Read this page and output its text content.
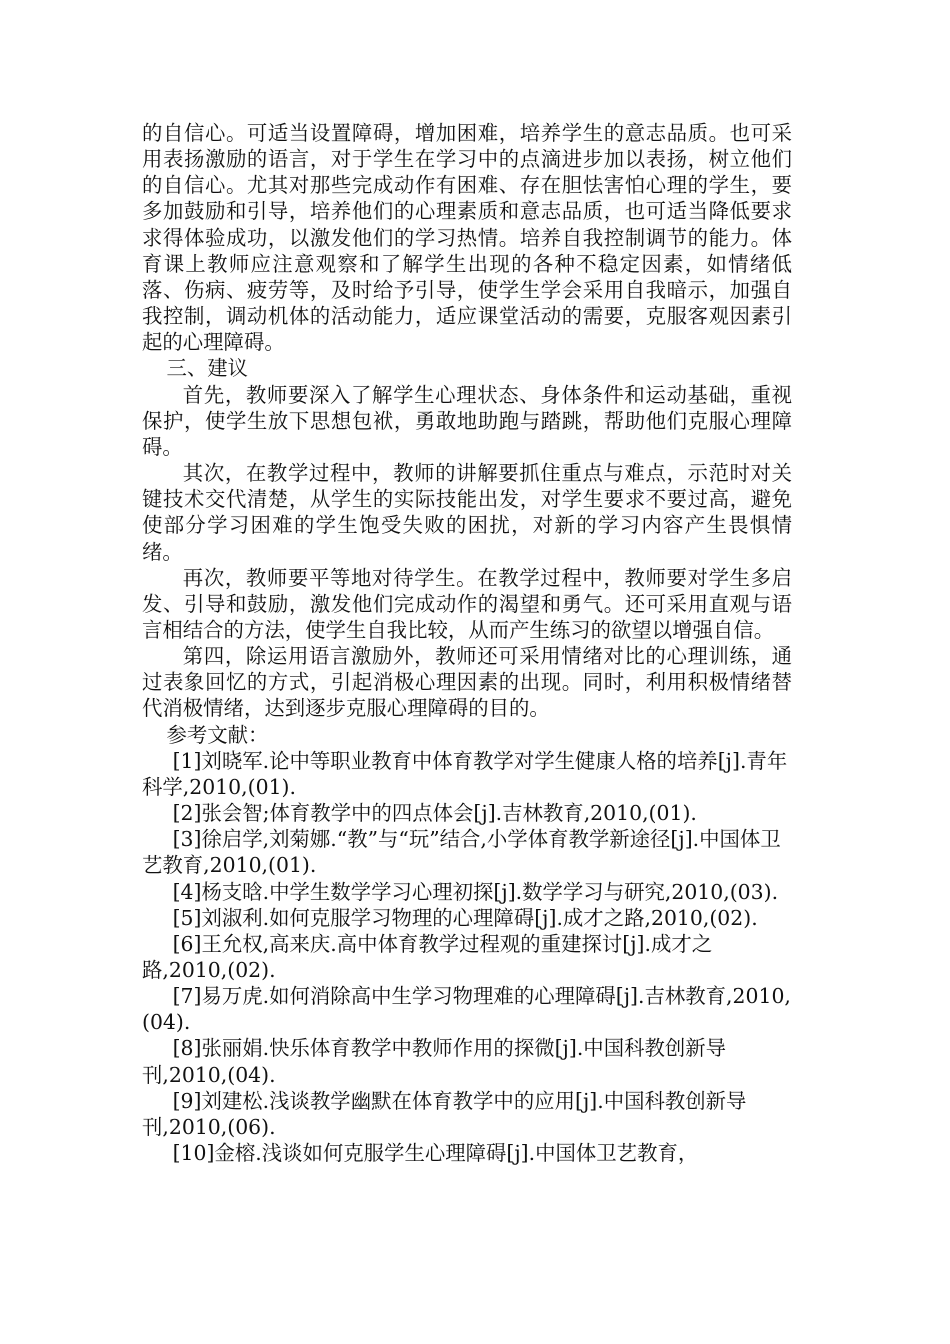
的自信心。可适当设置障碍，增加困难，培养学生的意志品质。也可采用表扬激励的语言，对于学生在学习中的点滴进步加以表扬，树立他们的自信心。尤其对那些完成动作有困难、存在胆怯害怕心理的学生，要多加鼓励和引导，培养他们的心理素质和意志品质，也可适当降低要求求得体验成功，以激发他们的学习热情。培养自我控制调节的能力。体育课上教师应注意观察和了解学生出现的各种不稳定因素，如情绪低落、伤病、疲劳等，及时给予引导，使学生学会采用自我暗示，加强自我控制，调动机体的活动能力，适应课堂活动的需要，克服客观因素引起的心理障碍。

三、建议

首先，教师要深入了解学生心理状态、身体条件和运动基础，重视保护，使学生放下思想包袱，勇敢地助跑与踏跳，帮助他们克服心理障碍。

其次，在教学过程中，教师的讲解要抓住重点与难点，示范时对关键技术交代清楚，从学生的实际技能出发，对学生要求不要过高，避免使部分学习困难的学生饱受失败的困扰，对新的学习内容产生畏惧情绪。

再次，教师要平等地对待学生。在教学过程中，教师要对学生多启发、引导和鼓励，激发他们完成动作的渴望和勇气。还可采用直观与语言相结合的方法，使学生自我比较，从而产生练习的欲望以增强自信。

第四，除运用语言激励外，教师还可采用情绪对比的心理训练，通过表象回忆的方式，引起消极心理因素的出现。同时，利用积极情绪替代消极情绪，达到逐步克服心理障碍的目的。

参考文献：

[1]刘晓军.论中等职业教育中体育教学对学生健康人格的培养[j].青年科学,2010,(01).

[2]张会智;体育教学中的四点体会[j].吉林教育,2010,(01).

[3]徐启学,刘菊娜.“教”与“玩”结合,小学体育教学新途径[j].中国体卫艺教育,2010,(01).

[4]杨支晗.中学生数学学习心理初探[j].数学学习与研究,2010,(03).

[5]刘淑利.如何克服学习物理的心理障碍[j].成才之路,2010,(02).

[6]王允权,高来庆.高中体育教学过程观的重建探讨[j].成才之路,2010,(02).

[7]易万虎.如何消除高中生学习物理难的心理障碍[j].吉林教育,2010,(04).

[8]张丽娟.快乐体育教学中教师作用的探微[j].中国科教创新导刊,2010,(04).

[9]刘建松.浅谈教学幽默在体育教学中的应用[j].中国科教创新导刊,2010,(06).

[10]金榕.浅谈如何克服学生心理障碍[j].中国体卫艺教育，
